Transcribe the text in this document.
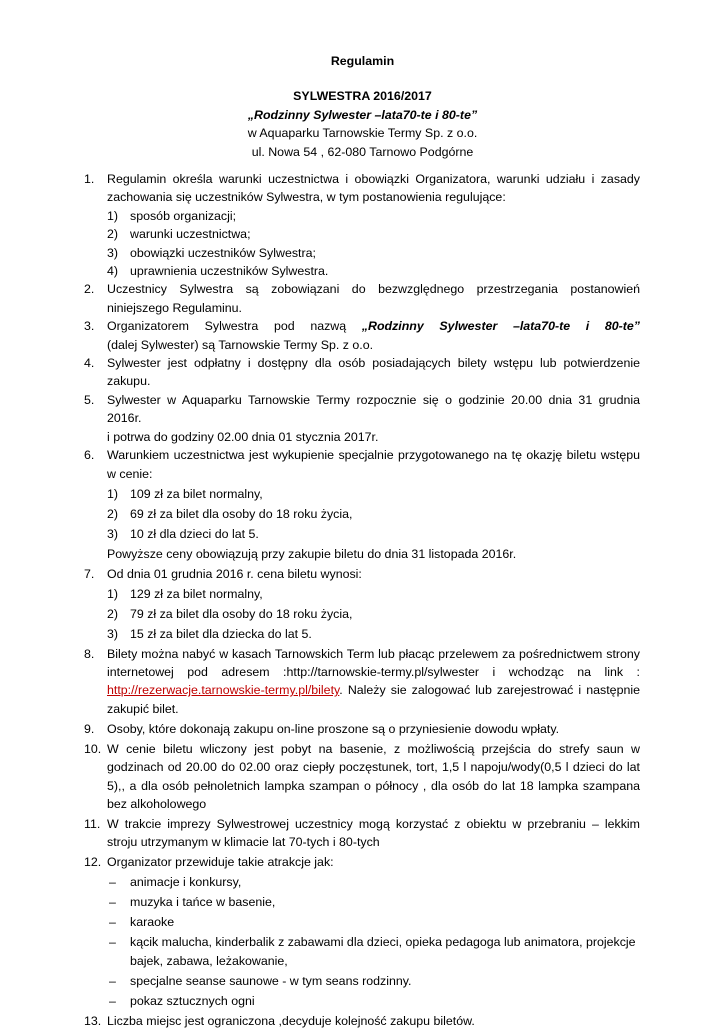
Regulamin
SYLWESTRA 2016/2017
„Rodzinny Sylwester –lata70-te i 80-te”
w Aquaparku Tarnowskie Termy Sp. z o.o.
ul. Nowa 54 , 62-080 Tarnowo Podgórne
1. Regulamin określa warunki uczestnictwa i obowiązki Organizatora, warunki udziału i zasady zachowania się uczestników Sylwestra, w tym postanowienia regulujące:
1) sposób organizacji;
2) warunki uczestnictwa;
3) obowiązki uczestników Sylwestra;
4) uprawnienia uczestników Sylwestra.
2. Uczestnicy Sylwestra są zobowiązani do bezwzględnego przestrzegania postanowień niniejszego Regulaminu.
3. Organizatorem Sylwestra pod nazwą „Rodzinny Sylwester –lata70-te i 80-te”
(dalej Sylwester) są Tarnowskie Termy Sp. z o.o.
4. Sylwester jest odpłatny i dostępny dla osób posiadających bilety wstępu lub potwierdzenie zakupu.
5. Sylwester w Aquaparku Tarnowskie Termy rozpocznie się o godzinie 20.00 dnia 31 grudnia 2016r.
i potrwa do godziny 02.00 dnia 01 stycznia 2017r.
6. Warunkiem uczestnictwa jest wykupienie specjalnie przygotowanego na tę okazję biletu wstępu w cenie:
1) 109 zł za bilet normalny,
2) 69 zł za bilet dla osoby do 18 roku życia,
3) 10 zł dla dzieci do lat 5.
Powyższe ceny obowiązują przy zakupie biletu do dnia 31 listopada 2016r.
7. Od dnia 01 grudnia 2016 r. cena biletu wynosi:
1) 129 zł za bilet normalny,
2) 79 zł za bilet dla osoby do 18 roku życia,
3) 15 zł za bilet dla dziecka do lat 5.
8. Bilety można nabyć w kasach Tarnowskich Term lub płacąc przelewem za pośrednictwem strony internetowej pod adresem :http://tarnowskie-termy.pl/sylwester i wchodząc na link : http://rezerwacje.tarnowskie-termy.pl/bilety. Należy sie zalogować lub zarejestrować i następnie zakupić bilet.
9. Osoby, które dokonają zakupu on-line proszone są o przyniesienie dowodu wpłaty.
10. W cenie biletu wliczony jest pobyt na basenie, z możliwością przejścia do strefy saun w godzinach od 20.00 do 02.00 oraz ciepły poczęstunek, tort, 1,5 l napoju/wody(0,5 l dzieci do lat 5),, a dla osób pełnoletnich lampka szampan o północy , dla osób do lat 18 lampka szampana bez alkoholowego
11. W trakcie imprezy Sylwestrowej uczestnicy mogą korzystać z obiektu w przebraniu – lekkim stroju utrzymanym w klimacie lat 70-tych i 80-tych
12. Organizator przewiduje takie atrakcje jak:
– animacje i konkursy,
– muzyka i tańce w basenie,
– karaoke
– kącik malucha, kinderbalik z zabawami dla dzieci, opieka pedagoga lub animatora, projekcje bajek, zabawa, leżakowanie,
– specjalne seanse saunowe - w tym seans rodzinny.
– pokaz sztucznych ogni
13. Liczba miejsc jest ograniczona ,decyduje kolejność zakupu biletów.
